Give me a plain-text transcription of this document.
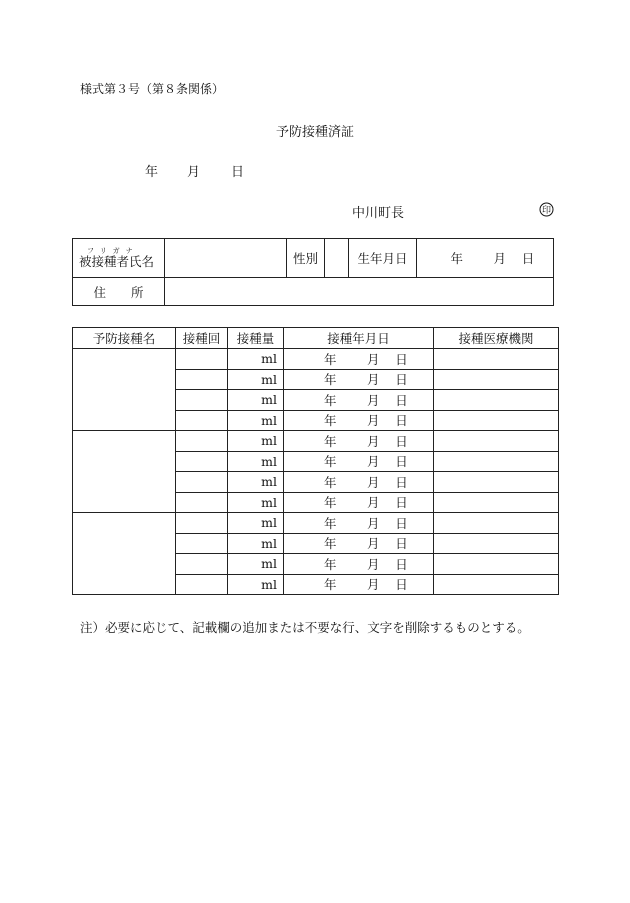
様式第３号（第８条関係）
予防接種済証
年 月 日
中川町長	印
フリガナ
被接種者氏名		性別		生年月日	年 月 日
住　　所					
予防接種名	接種回	接種量	接種年月日	接種医療機関
		ml	年 月 日	
		ml	年 月 日	
		ml	年 月 日	
		ml	年 月 日	
		ml	年 月 日	
		ml	年 月 日	
		ml	年 月 日	
		ml	年 月 日	
		ml	年 月 日	
		ml	年 月 日	
		ml	年 月 日	
		ml	年 月 日	
注）必要に応じて、記載欄の追加または不要な行、文字を削除するものとする。
